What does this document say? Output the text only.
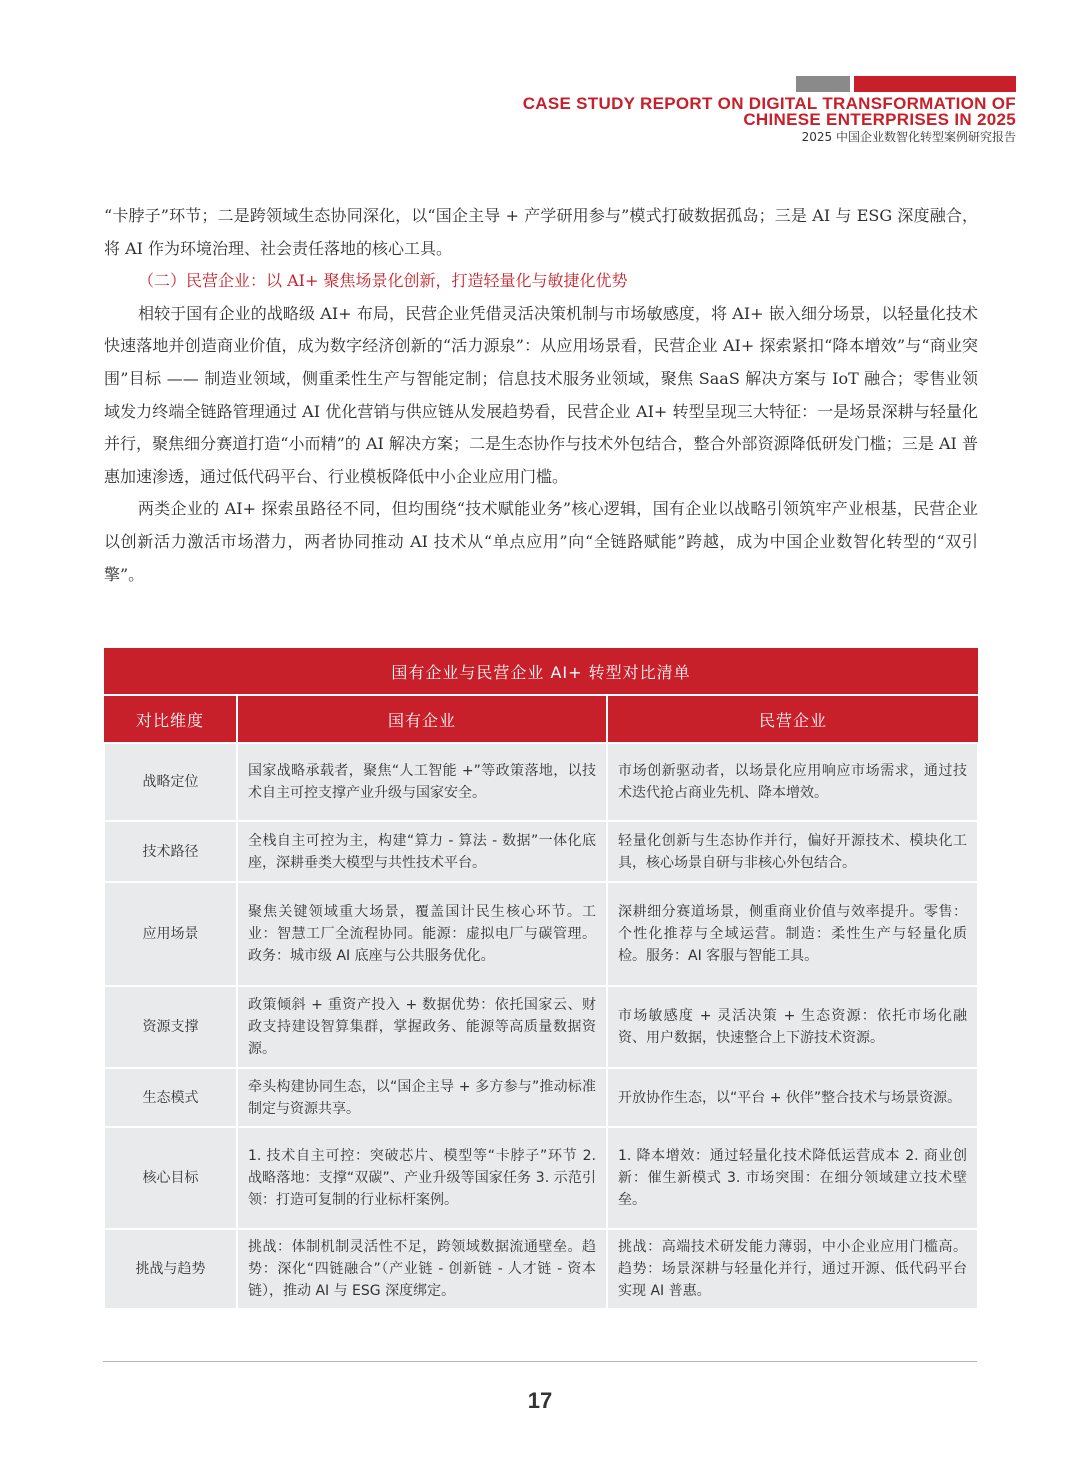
CASE STUDY REPORT ON DIGITAL TRANSFORMATION OF
CHINESE ENTERPRISES IN 2025
2025 中国企业数智化转型案例研究报告

“卡脖子”环节；二是跨领域生态协同深化，以“国企主导 + 产学研用参与”模式打破数据孤岛；三是 AI 与 ESG 深度融合，将 AI 作为环境治理、社会责任落地的核心工具。

（二）民营企业：以 AI+ 聚焦场景化创新，打造轻量化与敏捷化优势

相较于国有企业的战略级 AI+ 布局，民营企业凭借灵活决策机制与市场敏感度，将 AI+ 嵌入细分场景，以轻量化技术快速落地并创造商业价值，成为数字经济创新的“活力源泉”：从应用场景看，民营企业 AI+ 探索紧扣“降本增效”与“商业突围”目标 —— 制造业领域，侧重柔性生产与智能定制；信息技术服务业领域，聚焦 SaaS 解决方案与 IoT 融合；零售业领域发力终端全链路管理通过 AI 优化营销与供应链从发展趋势看，民营企业 AI+ 转型呈现三大特征：一是场景深耕与轻量化并行，聚焦细分赛道打造“小而精”的 AI 解决方案；二是生态协作与技术外包结合，整合外部资源降低研发门槛；三是 AI 普惠加速渗透，通过低代码平台、行业模板降低中小企业应用门槛。

两类企业的 AI+ 探索虽路径不同，但均围绕“技术赋能业务”核心逻辑，国有企业以战略引领筑牢产业根基，民营企业以创新活力激活市场潜力，两者协同推动 AI 技术从“单点应用”向“全链路赋能”跨越，成为中国企业数智化转型的“双引擎”。

国有企业与民营企业 AI+ 转型对比清单		
对比维度	国有企业	民营企业
战略定位	国家战略承载者，聚焦“人工智能 +”等政策落地，以技术自主可控支撑产业升级与国家安全。	市场创新驱动者，以场景化应用响应市场需求，通过技术迭代抢占商业先机、降本增效。
技术路径	全栈自主可控为主，构建“算力 - 算法 - 数据”一体化底座，深耕垂类大模型与共性技术平台。	轻量化创新与生态协作并行，偏好开源技术、模块化工具，核心场景自研与非核心外包结合。
应用场景	聚焦关键领域重大场景，覆盖国计民生核心环节。工业：智慧工厂全流程协同。能源：虚拟电厂与碳管理。政务：城市级 AI 底座与公共服务优化。	深耕细分赛道场景，侧重商业价值与效率提升。零售：个性化推荐与全域运营。制造：柔性生产与轻量化质检。服务：AI 客服与智能工具。
资源支撑	政策倾斜 + 重资产投入 + 数据优势：依托国家云、财政支持建设智算集群，掌握政务、能源等高质量数据资源。	市场敏感度 + 灵活决策 + 生态资源：依托市场化融资、用户数据，快速整合上下游技术资源。
生态模式	牵头构建协同生态，以“国企主导 + 多方参与”推动标准制定与资源共享。	开放协作生态，以“平台 + 伙伴”整合技术与场景资源。
核心目标	1. 技术自主可控：突破芯片、模型等“卡脖子”环节 2. 战略落地：支撑“双碳”、产业升级等国家任务 3. 示范引领：打造可复制的行业标杆案例。	1. 降本增效：通过轻量化技术降低运营成本 2. 商业创新：催生新模式 3. 市场突围：在细分领域建立技术壁垒。
挑战与趋势	挑战：体制机制灵活性不足，跨领域数据流通壁垒。趋势：深化“四链融合”（产业链 - 创新链 - 人才链 - 资本链），推动 AI 与 ESG 深度绑定。	挑战：高端技术研发能力薄弱，中小企业应用门槛高。趋势：场景深耕与轻量化并行，通过开源、低代码平台实现 AI 普惠。
17
